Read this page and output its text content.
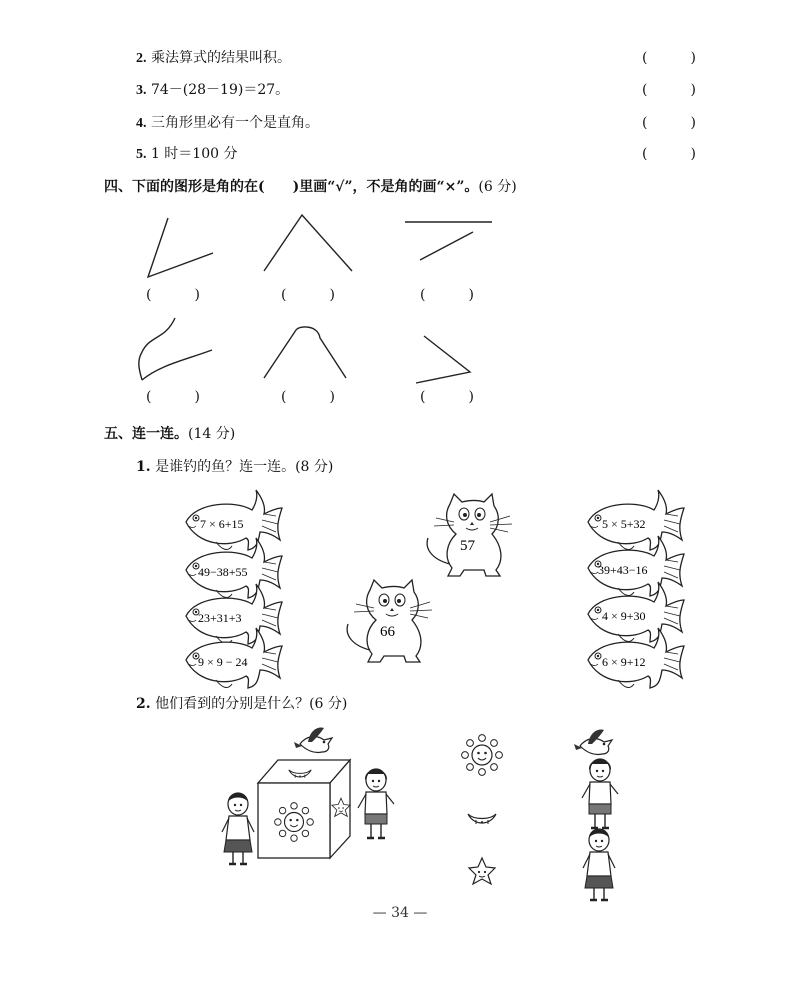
2. 乘法算式的结果叫积。	(	)
3. 74－(28－19)＝27。	(	)
4. 三角形里必有一个是直角。	(	)
5. 1 时＝100 分	(	)
四、下面的图形是角的在(　　)里画“√”，不是角的画“×”。(6 分)
(	)	(	)	(	)
(	)	(	)	(	)
五、连一连。(14 分)
1. 是谁钓的鱼？连一连。(8 分)
7 × 6+15
49−38+55
23+31+3
9 × 9 − 24
5 × 5+32
39+43−16
4 × 9+30
6 × 9+12
57
66
2. 他们看到的分别是什么？(6 分)
— 34 —
